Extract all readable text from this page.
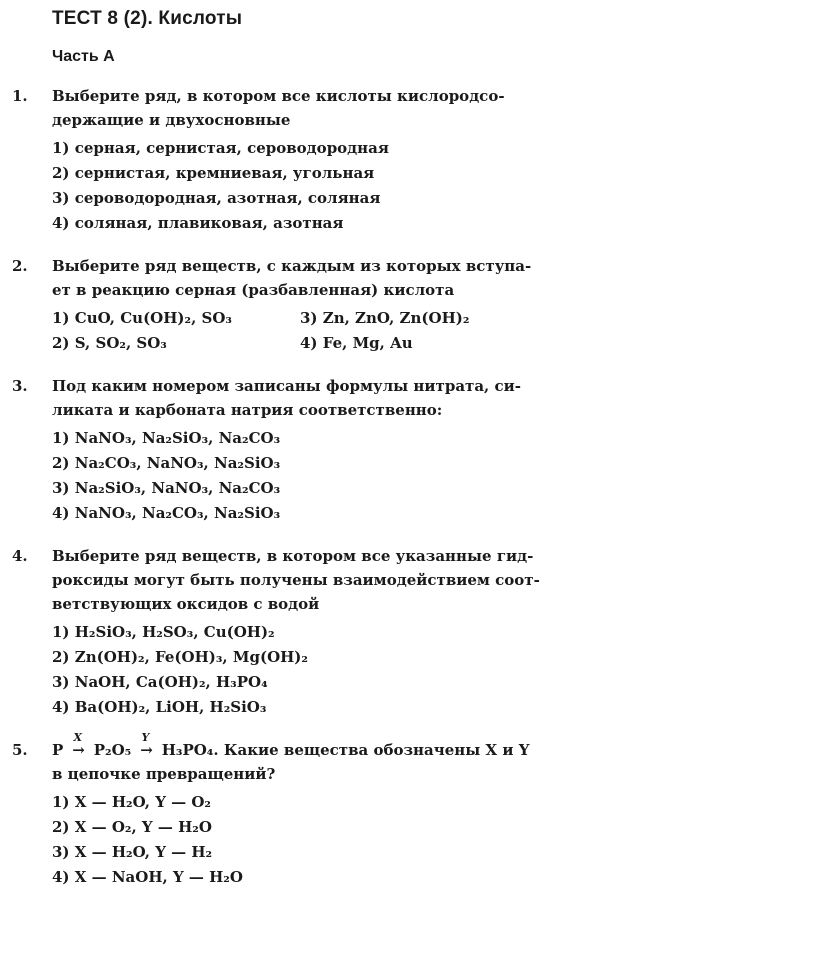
ТЕСТ 8 (2). Кислоты
Часть А
1. Выберите ряд, в котором все кислоты кислородсо-
держащие и двухосновные
1) серная, сернистая, сероводородная
2) сернистая, кремниевая, угольная
3) сероводородная, азотная, соляная
4) соляная, плавиковая, азотная
2. Выберите ряд веществ, с каждым из которых вступа-
ет в реакцию серная (разбавленная) кислота
1) CuO, Cu(OH)₂, SO₃	3) Zn, ZnO, Zn(OH)₂
2) S, SO₂, SO₃	4) Fe, Mg, Au
3. Под каким номером записаны формулы нитрата, си-
ликата и карбоната натрия соответственно:
1) NaNO₃, Na₂SiO₃, Na₂CO₃
2) Na₂CO₃, NaNO₃, Na₂SiO₃
3) Na₂SiO₃, NaNO₃, Na₂CO₃
4) NaNO₃, Na₂CO₃, Na₂SiO₃
4. Выберите ряд веществ, в котором все указанные гид-
роксиды могут быть получены взаимодействием соот-
ветствующих оксидов с водой
1) H₂SiO₃, H₂SO₃, Cu(OH)₂
2) Zn(OH)₂, Fe(OH)₃, Mg(OH)₂
3) NaOH, Ca(OH)₂, H₃PO₄
4) Ba(OH)₂, LiOH, H₂SiO₃
5. P
X
→ P₂O₅
Y
→ H₃PO₄. Какие вещества обозначены X и Y
в цепочке превращений?
1) X — H₂O, Y — O₂
2) X — O₂, Y — H₂O
3) X — H₂O, Y — H₂
4) X — NaOH, Y — H₂O
